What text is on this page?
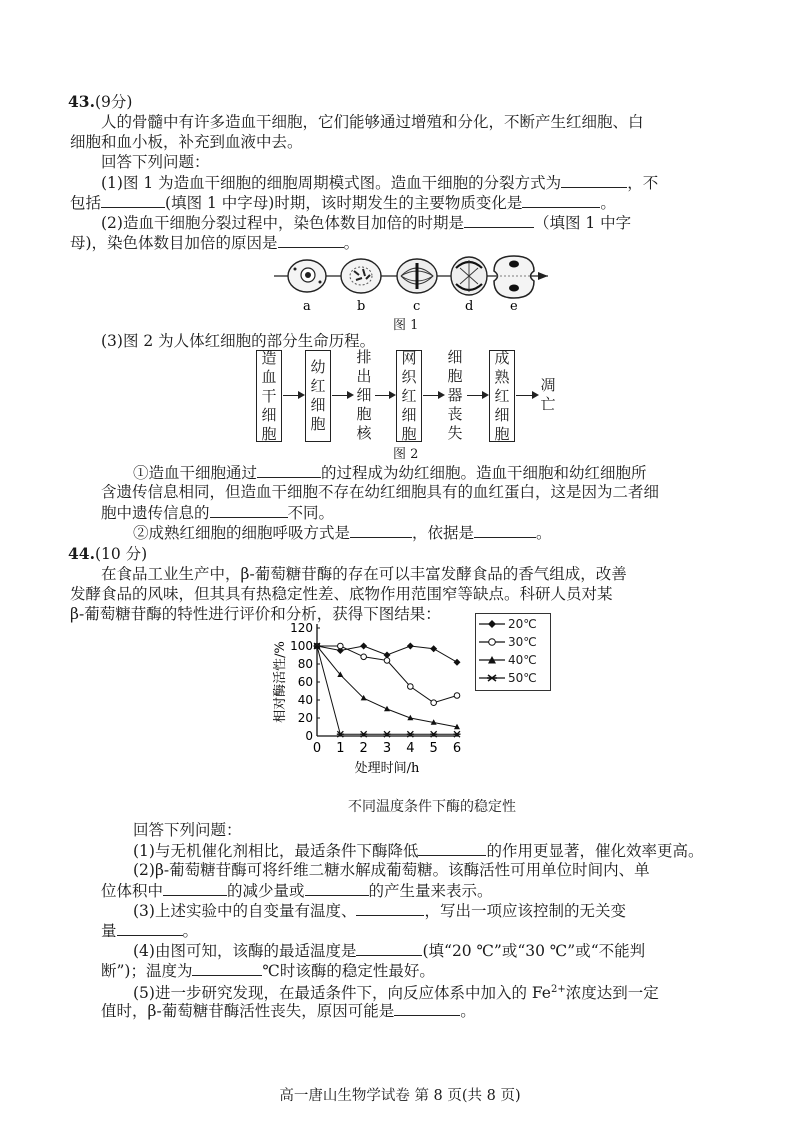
43.(9分)
人的骨髓中有许多造血干细胞，它们能够通过增殖和分化，不断产生红细胞、白
细胞和血小板，补充到血液中去。
回答下列问题：
(1)图 1 为造血干细胞的细胞周期模式图。造血干细胞的分裂方式为	，不
包括	(填图 1 中字母)时期，该时期发生的主要物质变化是	。
(2)造血干细胞分裂过程中，染色体数目加倍的时期是	（填图 1 中字
母)，染色体数目加倍的原因是	。
a	b	c	d	e
图 1
(3)图 2 为人体红细胞的部分生命历程。
造血干细胞
幼红细胞
排出细胞核
网织红细胞
细胞器丧失
成熟红细胞
凋亡
图 2
①造血干细胞通过	的过程成为幼红细胞。造血干细胞和幼红细胞所
含遗传信息相同，但造血干细胞不存在幼红细胞具有的血红蛋白，这是因为二者细
胞中遗传信息的	不同。
②成熟红细胞的细胞呼吸方式是	，依据是	。
44.(10 分)
在食品工业生产中，β-葡萄糖苷酶的存在可以丰富发酵食品的香气组成，改善
发酵食品的风味，但其具有热稳定性差、底物作用范围窄等缺点。科研人员对某
β-葡萄糖苷酶的特性进行评价和分析，获得下图结果：
0
20
40
60
80
100
120
0 1 2 3 4 5 6
处理时间/h
相对酶活性/%
不同温度条件下酶的稳定性
20℃
30℃
40℃
50℃
回答下列问题：
(1)与无机催化剂相比，最适条件下酶降低	的作用更显著，催化效率更高。
(2)β-葡萄糖苷酶可将纤维二糖水解成葡萄糖。该酶活性可用单位时间内、单
位体积中	的减少量或	的产生量来表示。
(3)上述实验中的自变量有温度、	，写出一项应该控制的无关变
量	。
(4)由图可知，该酶的最适温度是	(填“20 ℃”或“30 ℃”或“不能判
断”)；温度为	℃时该酶的稳定性最好。
(5)进一步研究发现，在最适条件下，向反应体系中加入的 $Fe^{2+}$浓度达到一定
值时，β-葡萄糖苷酶活性丧失，原因可能是	。
高一唐山生物学试卷 第 8 页(共 8 页)
